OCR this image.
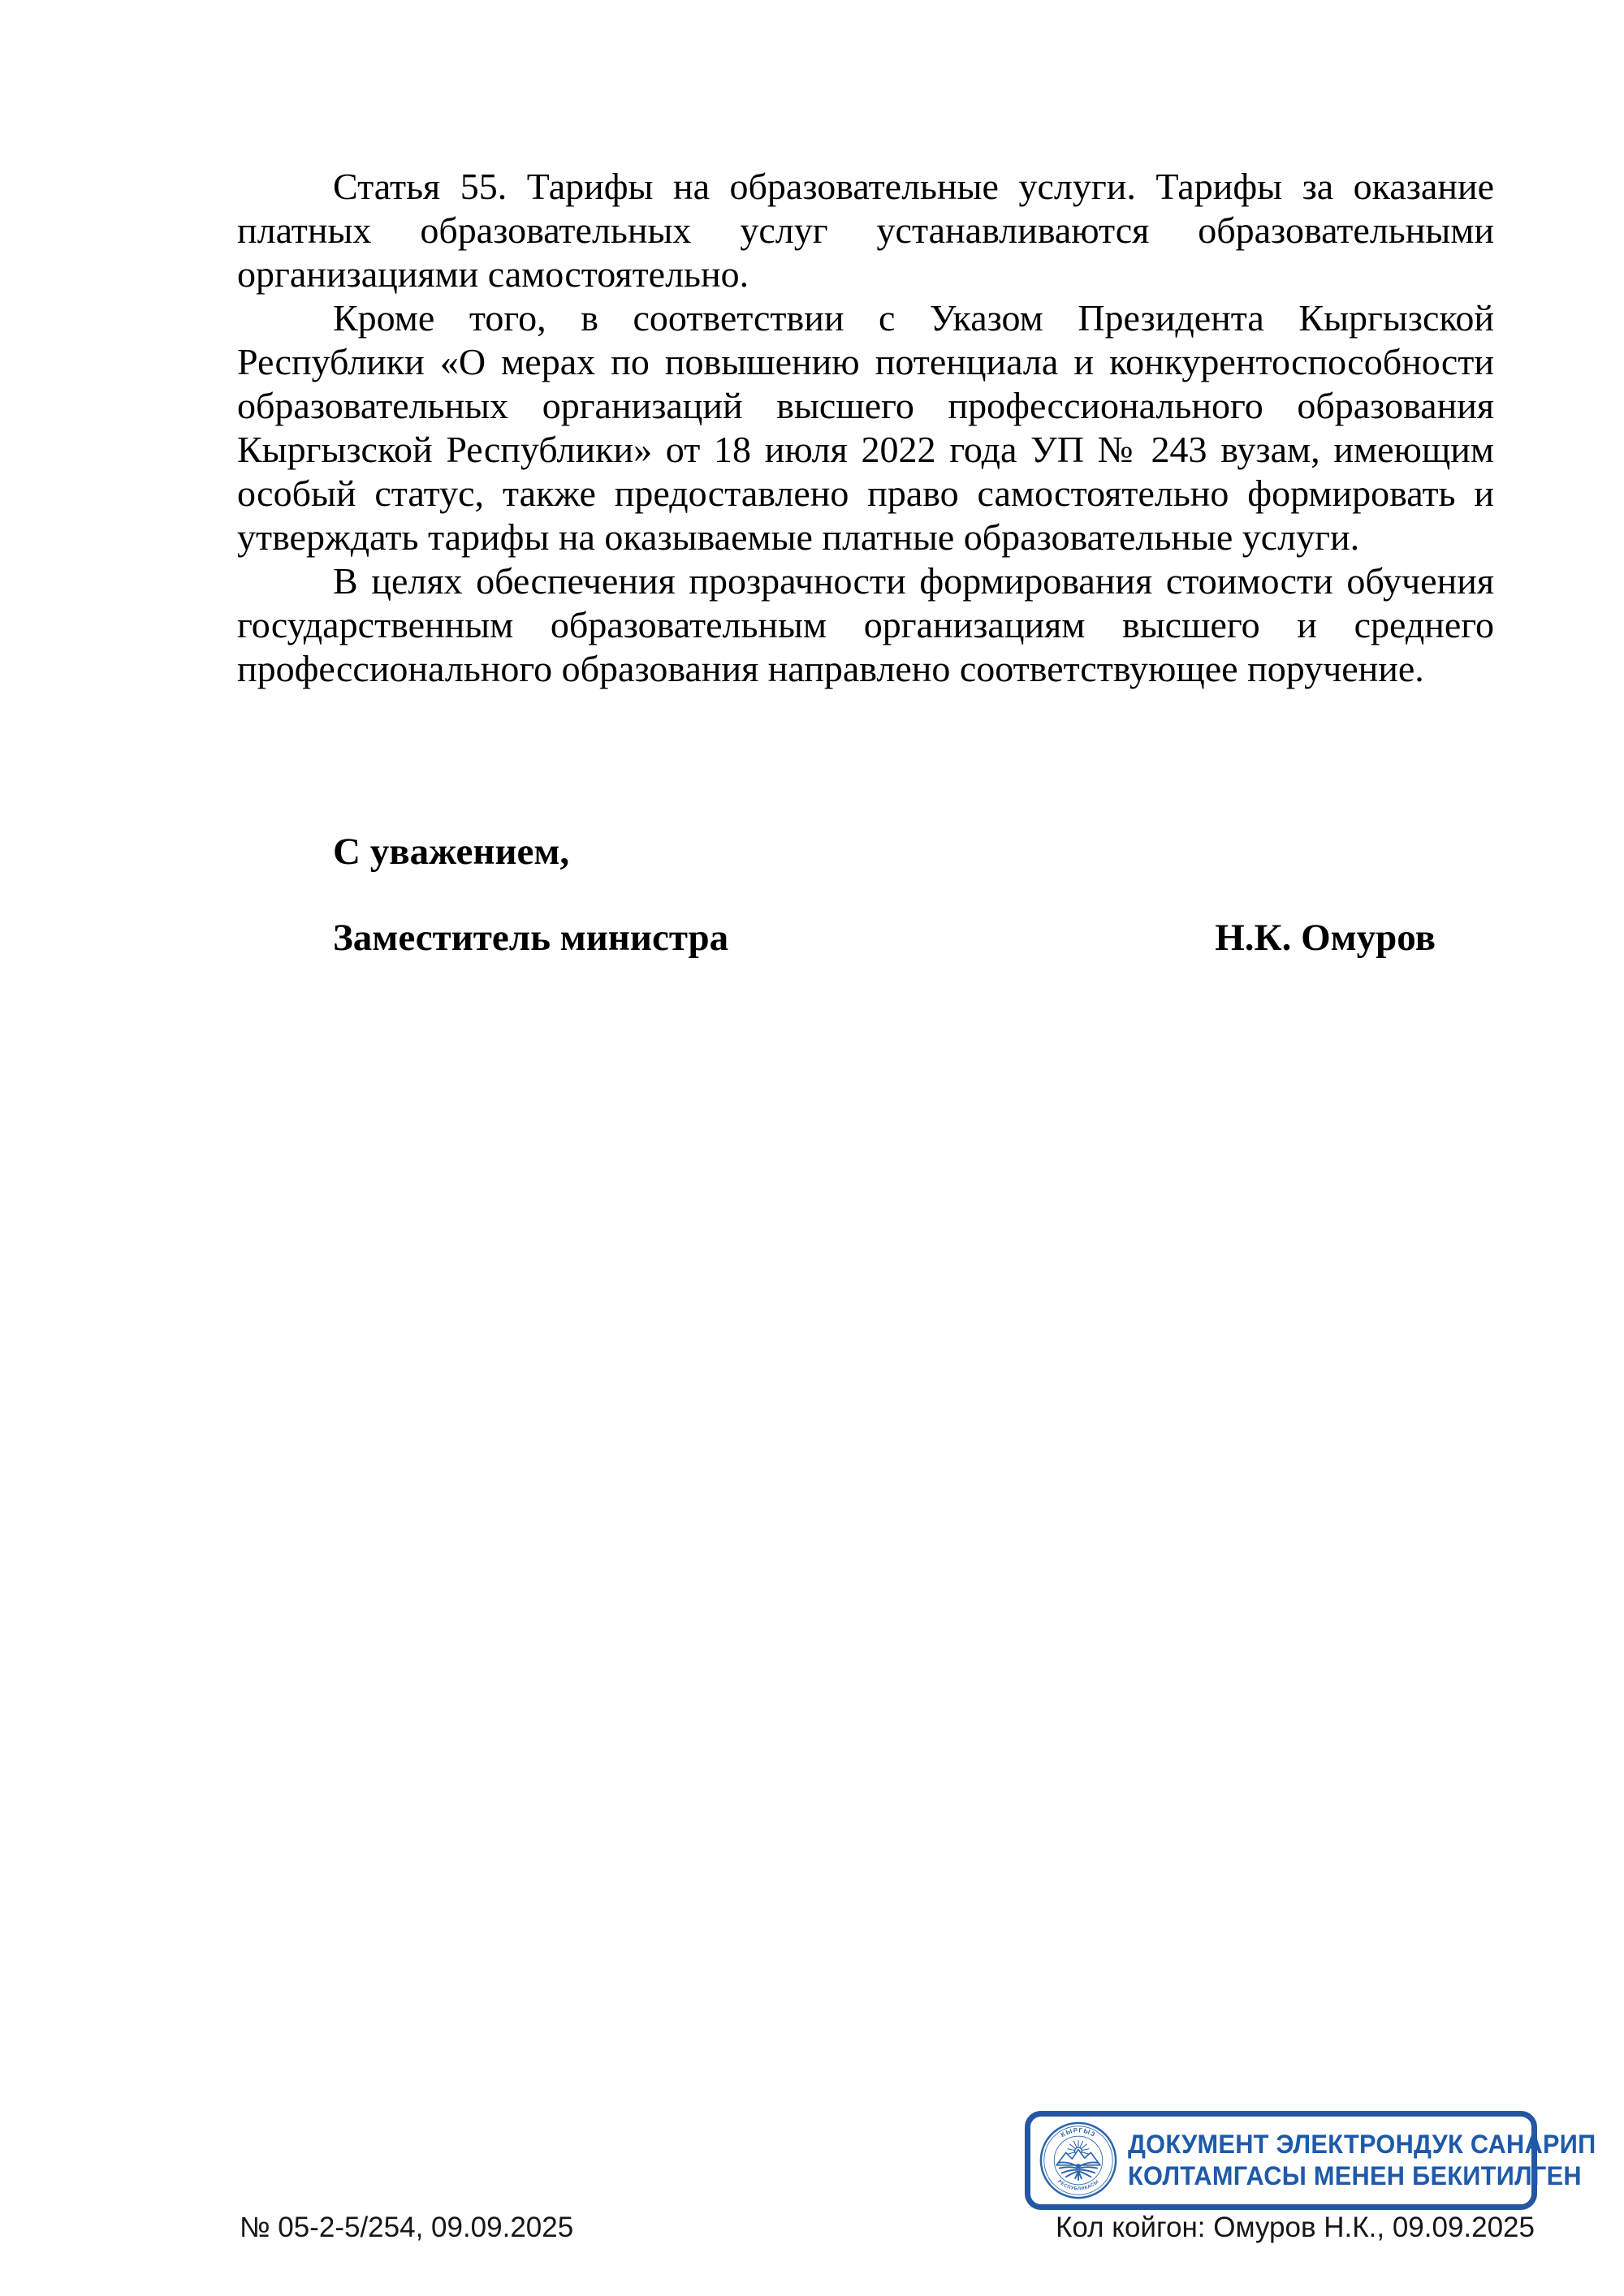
Статья 55. Тарифы на образовательные услуги. Тарифы за оказание
платных образовательных услуг устанавливаются образовательными
организациями самостоятельно.
Кроме того, в соответствии с Указом Президента Кыргызской
Республики «О мерах по повышению потенциала и конкурентоспособности
образовательных организаций высшего профессионального образования
Кыргызской Республики» от 18 июля 2022 года УП № 243 вузам, имеющим
особый статус, также предоставлено право самостоятельно формировать и
утверждать тарифы на оказываемые платные образовательные услуги.
В целях обеспечения прозрачности формирования стоимости обучения
государственным образовательным организациям высшего и среднего
профессионального образования направлено соответствующее поручение.
С уважением,
Заместитель министра	Н.К. Омуров
КЫРГЫЗ
РЕСПУБЛИКАСЫ
ДОКУМЕНТ ЭЛЕКТРОНДУК САНАРИП
КОЛТАМГАСЫ МЕНЕН БЕКИТИЛГЕН
№ 05-2-5/254, 09.09.2025	Кол койгон: Омуров Н.К., 09.09.2025
